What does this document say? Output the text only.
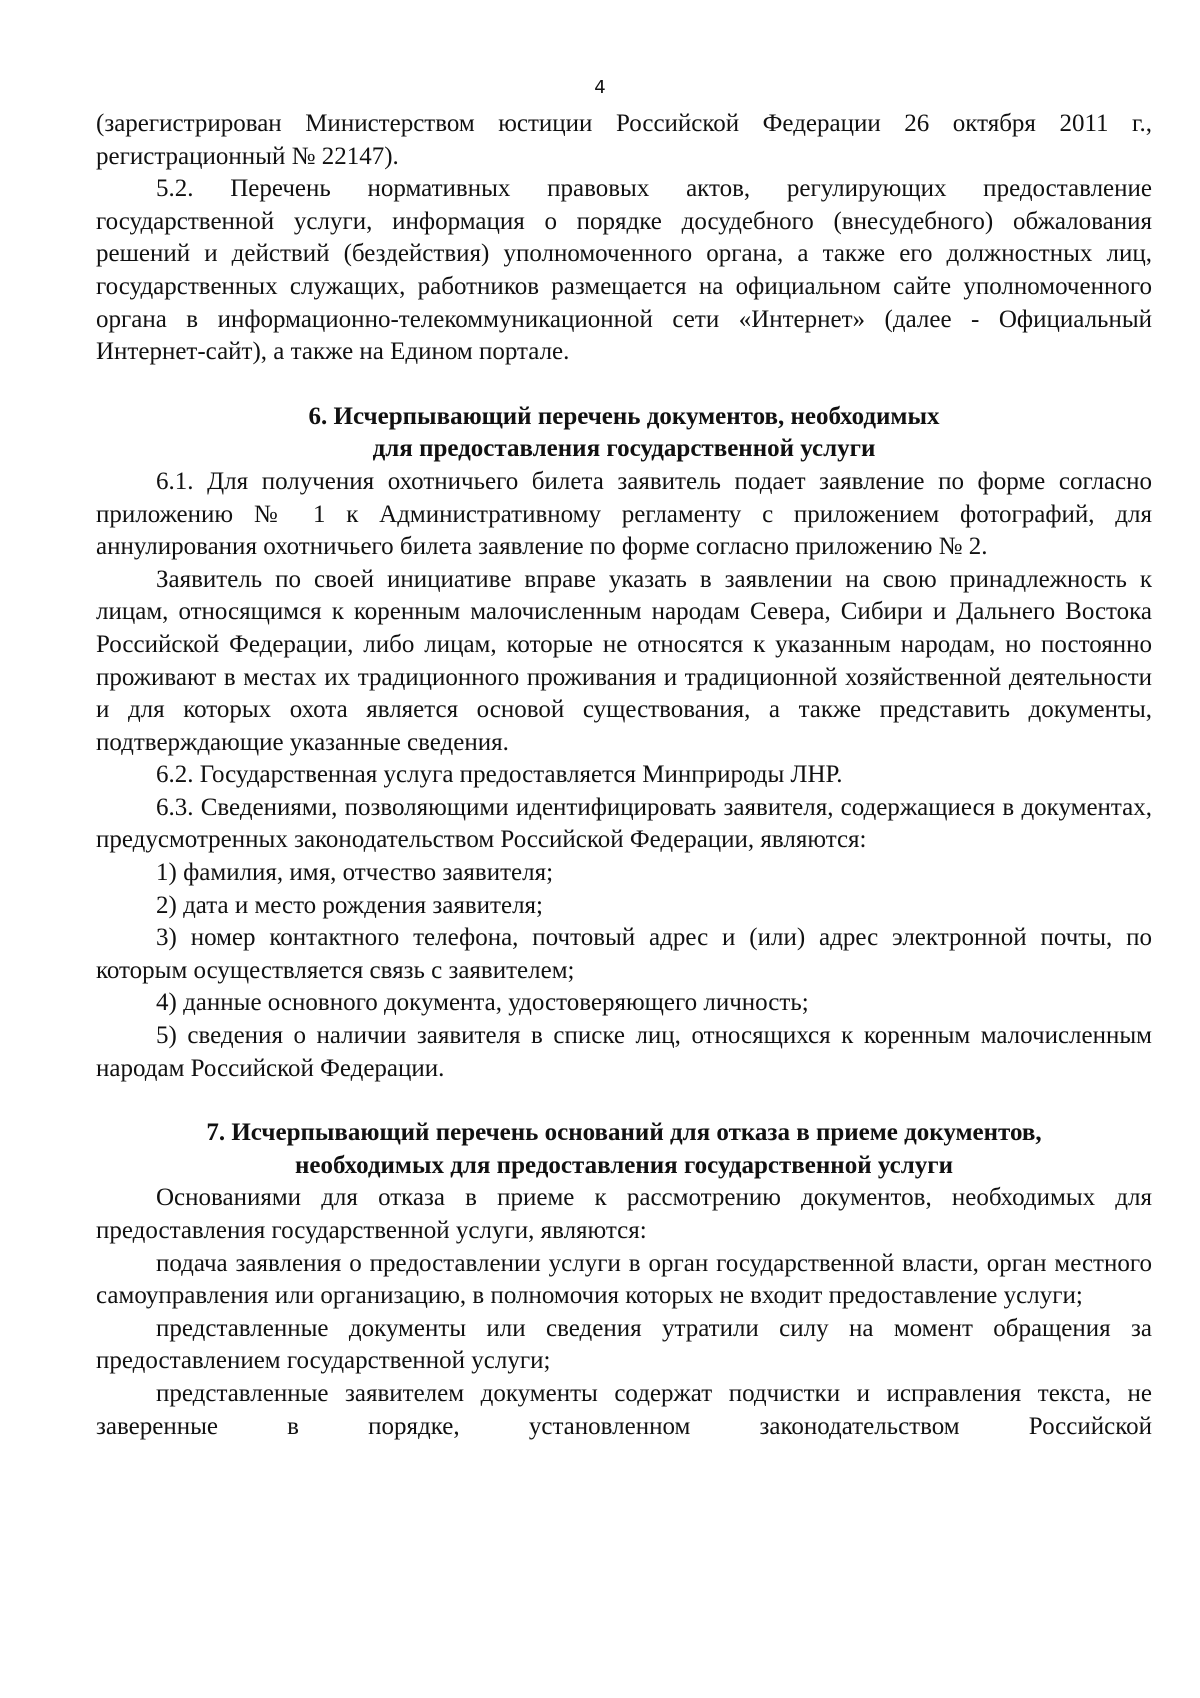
4

(зарегистрирован Министерством юстиции Российской Федерации 26 октября 2011 г., регистрационный № 22147).

5.2. Перечень нормативных правовых актов, регулирующих предоставление государственной услуги, информация о порядке досудебного (внесудебного) обжалования решений и действий (бездействия) уполномоченного органа, а также его должностных лиц, государственных служащих, работников размещается на официальном сайте уполномоченного органа в информационно-телекоммуникационной сети «Интернет» (далее - Официальный Интернет-сайт), а также на Едином портале.

6. Исчерпывающий перечень документов, необходимых

для предоставления государственной услуги

6.1. Для получения охотничьего билета заявитель подает заявление по форме согласно приложению № 1 к Административному регламенту с приложением фотографий, для аннулирования охотничьего билета заявление по форме согласно приложению № 2.

Заявитель по своей инициативе вправе указать в заявлении на свою принадлежность к лицам, относящимся к коренным малочисленным народам Севера, Сибири и Дальнего Востока Российской Федерации, либо лицам, которые не относятся к указанным народам, но постоянно проживают в местах их традиционного проживания и традиционной хозяйственной деятельности и для которых охота является основой существования, а также представить документы, подтверждающие указанные сведения.

6.2. Государственная услуга предоставляется Минприроды ЛНР.

6.3. Сведениями, позволяющими идентифицировать заявителя, содержащиеся в документах, предусмотренных законодательством Российской Федерации, являются:

1) фамилия, имя, отчество заявителя;

2) дата и место рождения заявителя;

3) номер контактного телефона, почтовый адрес и (или) адрес электронной почты, по которым осуществляется связь с заявителем;

4) данные основного документа, удостоверяющего личность;

5) сведения о наличии заявителя в списке лиц, относящихся к коренным малочисленным народам Российской Федерации.

7. Исчерпывающий перечень оснований для отказа в приеме документов,

необходимых для предоставления государственной услуги

Основаниями для отказа в приеме к рассмотрению документов, необходимых для предоставления государственной услуги, являются:

подача заявления о предоставлении услуги в орган государственной власти, орган местного самоуправления или организацию, в полномочия которых не входит предоставление услуги;

представленные документы или сведения утратили силу на момент обращения за предоставлением государственной услуги;

представленные заявителем документы содержат подчистки и исправления текста, не заверенные в порядке, установленном законодательством Российской
